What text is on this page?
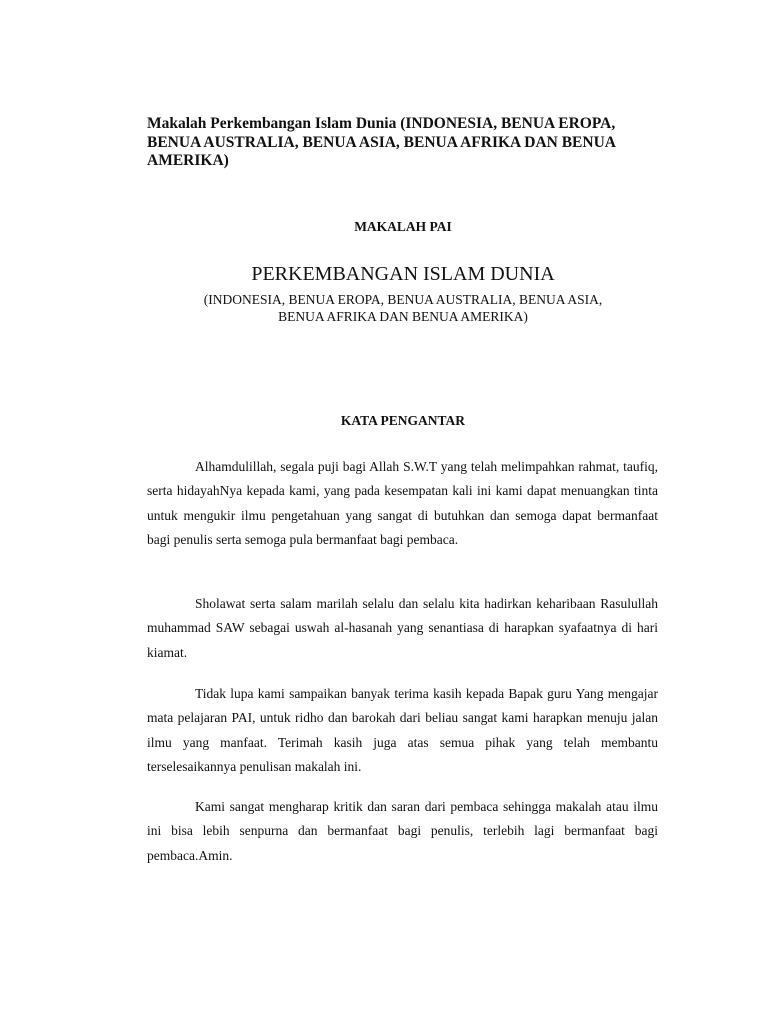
Makalah Perkembangan Islam Dunia (INDONESIA, BENUA EROPA, BENUA AUSTRALIA, BENUA ASIA, BENUA AFRIKA DAN BENUA AMERIKA)

MAKALAH PAI

PERKEMBANGAN ISLAM DUNIA

(INDONESIA, BENUA EROPA, BENUA AUSTRALIA, BENUA ASIA,
BENUA AFRIKA DAN BENUA AMERIKA)

KATA PENGANTAR

Alhamdulillah, segala puji bagi Allah S.W.T yang telah melimpahkan rahmat, taufiq, serta hidayahNya kepada kami, yang pada kesempatan kali ini kami dapat menuangkan tinta untuk mengukir ilmu pengetahuan yang sangat di butuhkan dan semoga dapat bermanfaat bagi penulis serta semoga pula bermanfaat bagi pembaca.

Sholawat serta salam marilah selalu dan selalu kita hadirkan keharibaan Rasulullah muhammad SAW sebagai uswah al-hasanah yang senantiasa di harapkan syafaatnya di hari kiamat.

Tidak lupa kami sampaikan banyak terima kasih kepada Bapak guru Yang mengajar mata pelajaran PAI, untuk ridho dan barokah dari beliau sangat kami harapkan menuju jalan ilmu yang manfaat. Terimah kasih juga atas semua pihak yang telah membantu terselesaikannya penulisan makalah ini.

Kami sangat mengharap kritik dan saran dari pembaca sehingga makalah atau ilmu ini bisa lebih senpurna dan bermanfaat bagi penulis, terlebih lagi bermanfaat bagi pembaca.Amin.
